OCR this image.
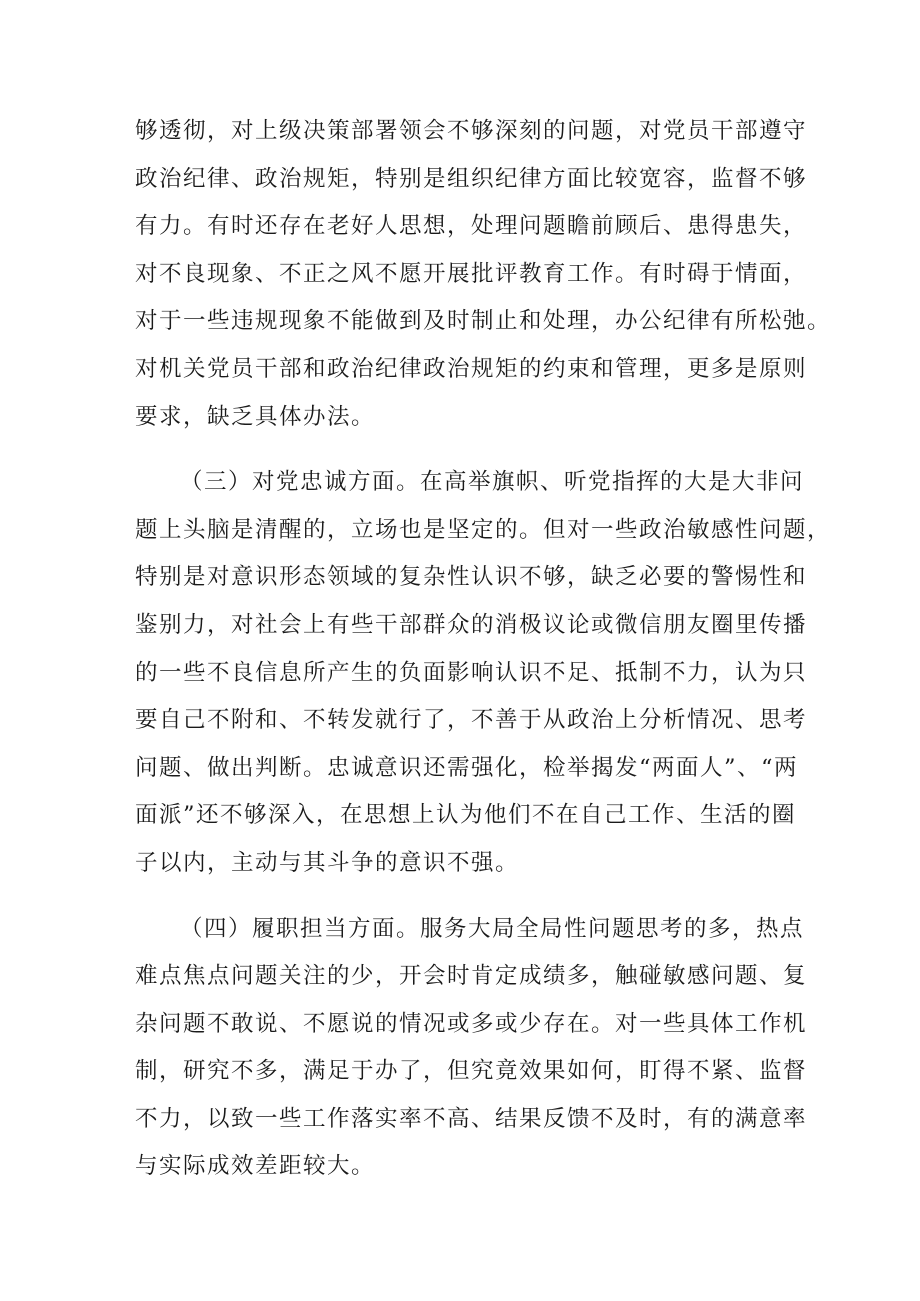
够透彻，对上级决策部署领会不够深刻的问题，对党员干部遵守
政治纪律、政治规矩，特别是组织纪律方面比较宽容，监督不够
有力。有时还存在老好人思想，处理问题瞻前顾后、患得患失，
对不良现象、不正之风不愿开展批评教育工作。有时碍于情面，
对于一些违规现象不能做到及时制止和处理，办公纪律有所松弛。
对机关党员干部和政治纪律政治规矩的约束和管理，更多是原则
要求，缺乏具体办法。
（三）对党忠诚方面。在高举旗帜、听党指挥的大是大非问
题上头脑是清醒的，立场也是坚定的。但对一些政治敏感性问题，
特别是对意识形态领域的复杂性认识不够，缺乏必要的警惕性和
鉴别力，对社会上有些干部群众的消极议论或微信朋友圈里传播
的一些不良信息所产生的负面影响认识不足、抵制不力，认为只
要自己不附和、不转发就行了，不善于从政治上分析情况、思考
问题、做出判断。忠诚意识还需强化，检举揭发“两面人”、“两
面派”还不够深入，在思想上认为他们不在自己工作、生活的圈
子以内，主动与其斗争的意识不强。
（四）履职担当方面。服务大局全局性问题思考的多，热点
难点焦点问题关注的少，开会时肯定成绩多，触碰敏感问题、复
杂问题不敢说、不愿说的情况或多或少存在。对一些具体工作机
制，研究不多，满足于办了，但究竟效果如何，盯得不紧、监督
不力，以致一些工作落实率不高、结果反馈不及时，有的满意率
与实际成效差距较大。
